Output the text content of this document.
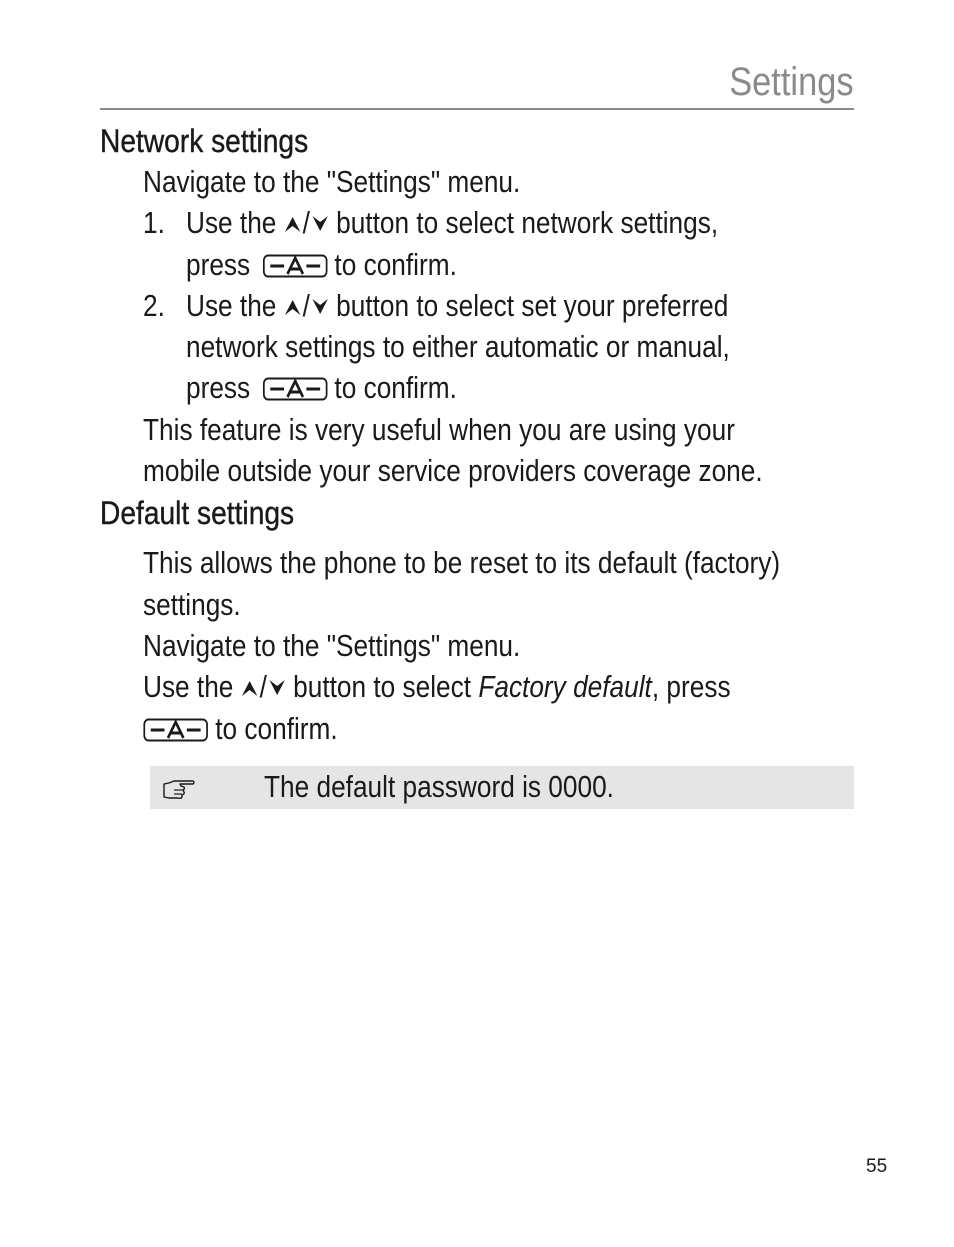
Settings
Network settings

Navigate to the "Settings" menu.

1. Use the / button to select network settings,
press	to confirm.
2. Use the / button to select set your preferred
network settings to either automatic or manual,
press	to confirm.

This feature is very useful when you are using your

mobile outside your service providers coverage zone.

Default settings

This allows the phone to be reset to its default (factory)

settings.

Navigate to the "Settings" menu.

Use the / button to select Factory default, press

to confirm.

The default password is 0000.
55
